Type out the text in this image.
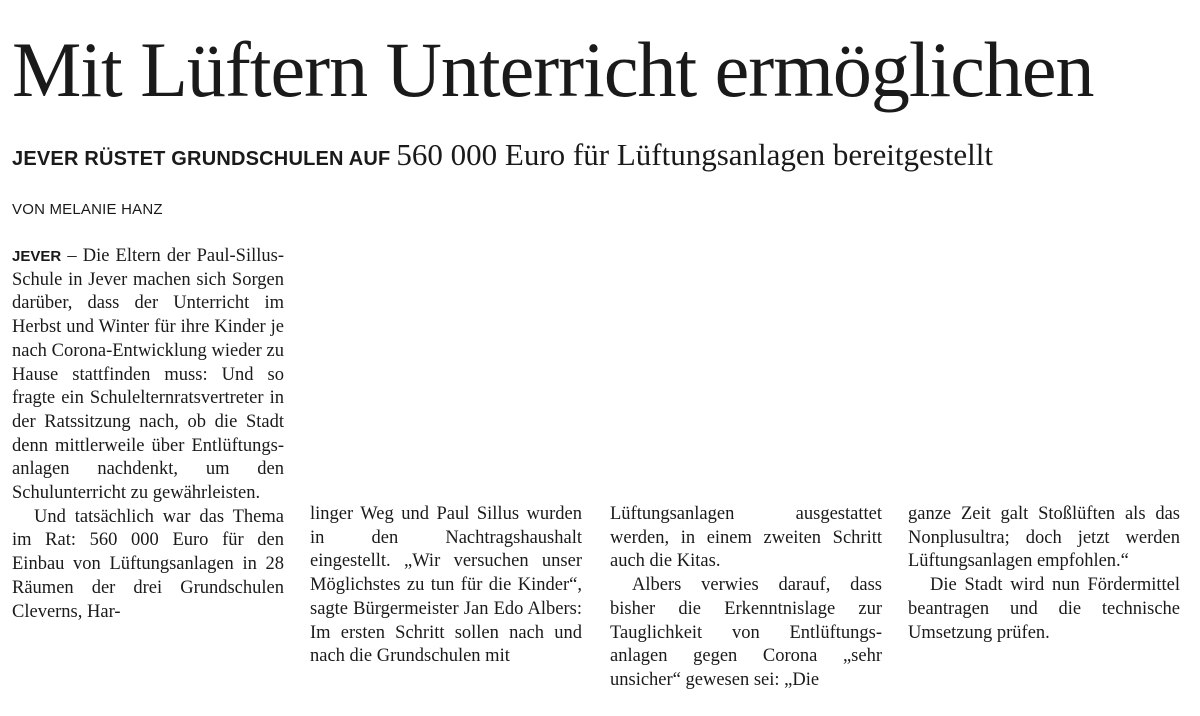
Mit Lüftern Unterricht ermöglichen
JEVER RÜSTET GRUNDSCHULEN AUF 560 000 Euro für Lüftungsanlagen bereitgestellt
VON MELANIE HANZ

JEVER – Die Eltern der Paul-Sillus-Schule in Jever machen sich Sorgen darüber, dass der Unterricht im Herbst und Winter für ihre Kinder je nach Corona-Entwicklung wieder zu Hause stattfinden muss: Und so fragte ein Schulelternratsvertreter in der Ratssitzung nach, ob die Stadt denn mittlerweile über Entlüftungsanlagen nachdenkt, um den Schulunterricht zu gewährleisten.

Und tatsächlich war das Thema im Rat: 560 000 Euro für den Einbau von Lüftungsanlagen in 28 Räumen der drei Grundschulen Cleverns, Har-

linger Weg und Paul Sillus wurden in den Nachtragshaushalt eingestellt. „Wir versuchen unser Möglichstes zu tun für die Kinder“, sagte Bürgermeister Jan Edo Albers: Im ersten Schritt sollen nach und nach die Grundschulen mit

Lüftungsanlagen ausgestattet werden, in einem zweiten Schritt auch die Kitas.

Albers verwies darauf, dass bisher die Erkenntnislage zur Tauglichkeit von Entlüftungsanlagen gegen Corona „sehr unsicher“ gewesen sei: „Die

ganze Zeit galt Stoßlüften als das Nonplusultra; doch jetzt werden Lüftungsanlagen empfohlen.“

Die Stadt wird nun Fördermittel beantragen und die technische Umsetzung prüfen.
